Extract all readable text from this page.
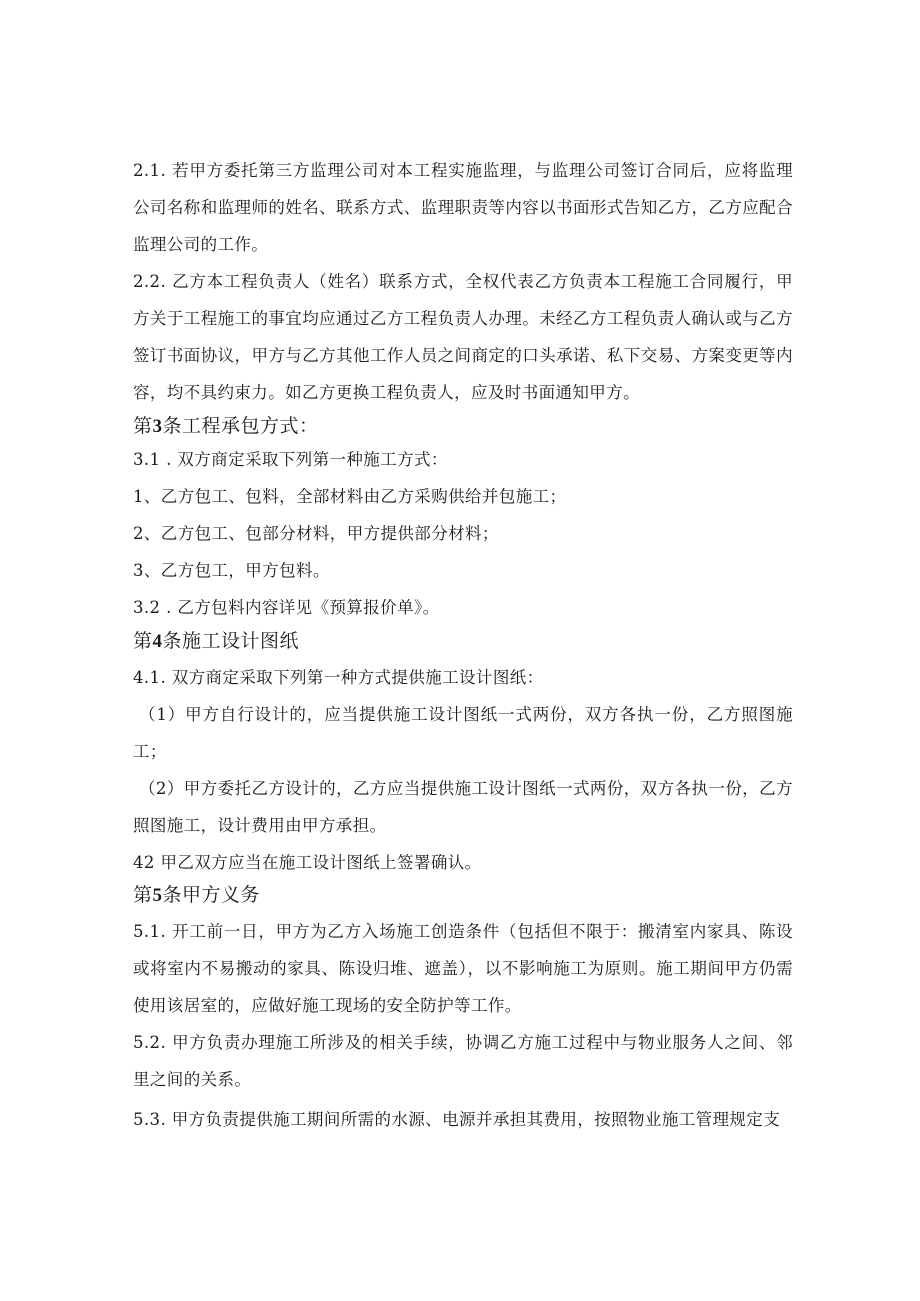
2.1. 若甲方委托第三方监理公司对本工程实施监理，与监理公司签订合同后，应将监理公司名称和监理师的姓名、联系方式、监理职责等内容以书面形式告知乙方，乙方应配合监理公司的工作。

2.2. 乙方本工程负责人（姓名）联系方式，全权代表乙方负责本工程施工合同履行，甲方关于工程施工的事宜均应通过乙方工程负责人办理。未经乙方工程负责人确认或与乙方签订书面协议，甲方与乙方其他工作人员之间商定的口头承诺、私下交易、方案变更等内容，均不具约束力。如乙方更换工程负责人，应及时书面通知甲方。

第3条工程承包方式：

3.1 . 双方商定采取下列第一种施工方式：

1、乙方包工、包料，全部材料由乙方采购供给并包施工；

2、乙方包工、包部分材料，甲方提供部分材料；

3、乙方包工，甲方包料。

3.2 . 乙方包料内容详见《预算报价单》。

第4条施工设计图纸

4.1. 双方商定采取下列第一种方式提供施工设计图纸：

（1）甲方自行设计的，应当提供施工设计图纸一式两份，双方各执一份，乙方照图施工；

（2）甲方委托乙方设计的，乙方应当提供施工设计图纸一式两份，双方各执一份，乙方照图施工，设计费用由甲方承担。

42 甲乙双方应当在施工设计图纸上签署确认。

第5条甲方义务

5.1. 开工前一日，甲方为乙方入场施工创造条件（包括但不限于：搬清室内家具、陈设或将室内不易搬动的家具、陈设归堆、遮盖），以不影响施工为原则。施工期间甲方仍需使用该居室的，应做好施工现场的安全防护等工作。

5.2. 甲方负责办理施工所涉及的相关手续，协调乙方施工过程中与物业服务人之间、邻里之间的关系。

5.3. 甲方负责提供施工期间所需的水源、电源并承担其费用，按照物业施工管理规定支
